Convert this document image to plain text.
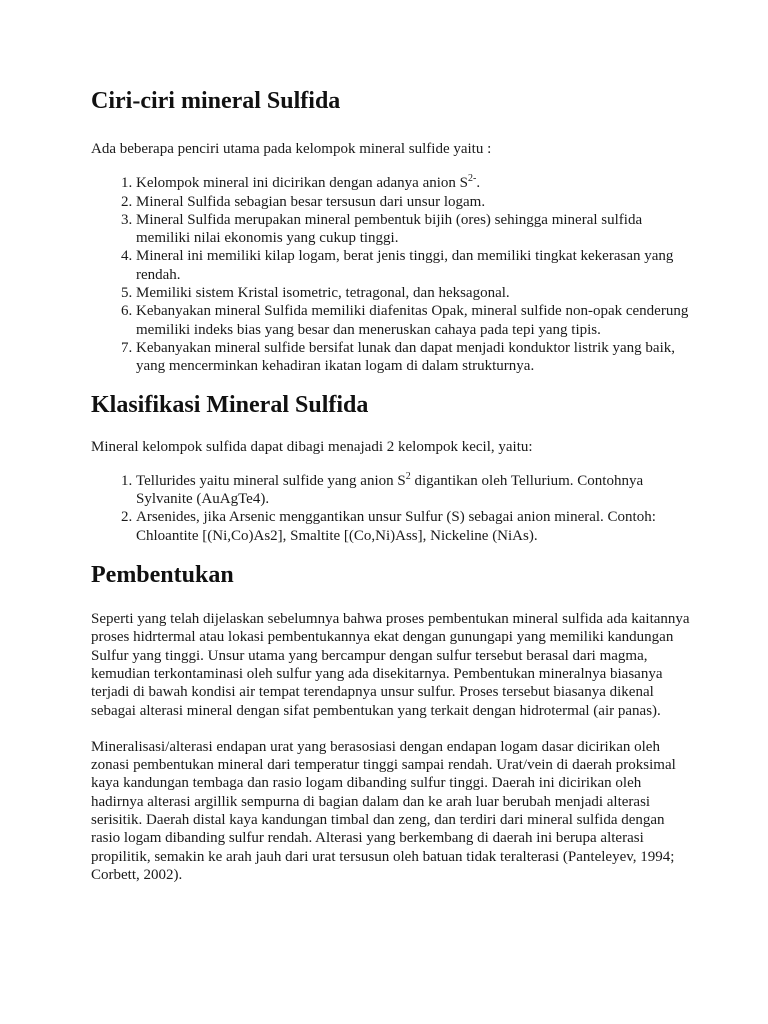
Ciri-ciri mineral Sulfida

Ada beberapa penciri utama pada kelompok mineral sulfide yaitu :

1. Kelompok mineral ini dicirikan dengan adanya anion $S^{2-}$.
2. Mineral Sulfida sebagian besar tersusun dari unsur logam.
3. Mineral Sulfida merupakan mineral pembentuk bijih (ores) sehingga mineral sulfida memiliki nilai ekonomis yang cukup tinggi.
4. Mineral ini memiliki kilap logam, berat jenis tinggi, dan memiliki tingkat kekerasan yang rendah.
5. Memiliki sistem Kristal isometric, tetragonal, dan heksagonal.
6. Kebanyakan mineral Sulfida memiliki diafenitas Opak, mineral sulfide non-opak cenderung memiliki indeks bias yang besar dan meneruskan cahaya pada tepi yang tipis.
7. Kebanyakan mineral sulfide bersifat lunak dan dapat menjadi konduktor listrik yang baik, yang mencerminkan kehadiran ikatan logam di dalam strukturnya.
Klasifikasi Mineral Sulfida

Mineral kelompok sulfida dapat dibagi menajadi 2 kelompok kecil, yaitu:

1. Tellurides yaitu mineral sulfide yang anion $S^2$ digantikan oleh Tellurium. Contohnya Sylvanite (AuAgTe4).
2. Arsenides, jika Arsenic menggantikan unsur Sulfur (S) sebagai anion mineral. Contoh: Chloantite [(Ni,Co)As2], Smaltite [(Co,Ni)Ass], Nickeline (NiAs).
Pembentukan

Seperti yang telah dijelaskan sebelumnya bahwa proses pembentukan mineral sulfida ada kaitannya proses hidrtermal atau lokasi pembentukannya ekat dengan gunungapi yang memiliki kandungan Sulfur yang tinggi. Unsur utama yang bercampur dengan sulfur tersebut berasal dari magma, kemudian terkontaminasi oleh sulfur yang ada disekitarnya. Pembentukan mineralnya biasanya terjadi di bawah kondisi air tempat terendapnya unsur sulfur. Proses tersebut biasanya dikenal sebagai alterasi mineral dengan sifat pembentukan yang terkait dengan hidrotermal (air panas).

Mineralisasi/alterasi endapan urat yang berasosiasi dengan endapan logam dasar dicirikan oleh zonasi pembentukan mineral dari temperatur tinggi sampai rendah. Urat/vein di daerah proksimal kaya kandungan tembaga dan rasio logam dibanding sulfur tinggi. Daerah ini dicirikan oleh hadirnya alterasi argillik sempurna di bagian dalam dan ke arah luar berubah menjadi alterasi serisitik. Daerah distal kaya kandungan timbal dan zeng, dan terdiri dari mineral sulfida dengan rasio logam dibanding sulfur rendah. Alterasi yang berkembang di daerah ini berupa alterasi propilitik, semakin ke arah jauh dari urat tersusun oleh batuan tidak teralterasi (Panteleyev, 1994; Corbett, 2002).
